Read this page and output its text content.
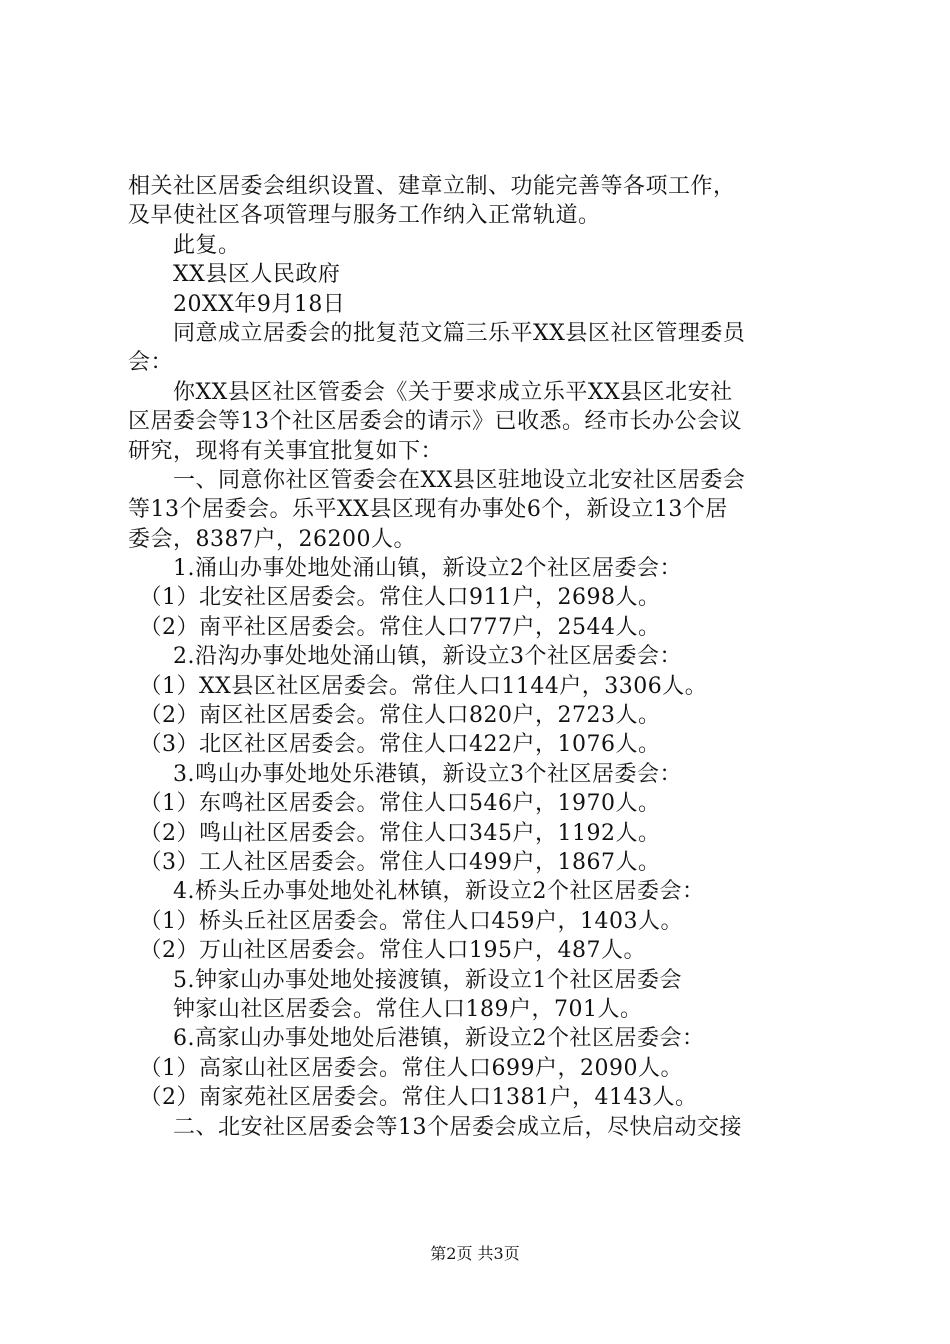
相关社区居委会组织设置、建章立制、功能完善等各项工作，
及早使社区各项管理与服务工作纳入正常轨道。
　　此复。
　　XX县区人民政府
　　20XX年9月18日
　　同意成立居委会的批复范文篇三乐平XX县区社区管理委员
会：
　　你XX县区社区管委会《关于要求成立乐平XX县区北安社
区居委会等13个社区居委会的请示》已收悉。经市长办公会议
研究，现将有关事宜批复如下：
　　一、同意你社区管委会在XX县区驻地设立北安社区居委会
等13个居委会。乐平XX县区现有办事处6个，新设立13个居
委会，8387户，26200人。
　　1.涌山办事处地处涌山镇，新设立2个社区居委会：
　（1）北安社区居委会。常住人口911户，2698人。
　（2）南平社区居委会。常住人口777户，2544人。
　　2.沿沟办事处地处涌山镇，新设立3个社区居委会：
　（1）XX县区社区居委会。常住人口1144户，3306人。
　（2）南区社区居委会。常住人口820户，2723人。
　（3）北区社区居委会。常住人口422户，1076人。
　　3.鸣山办事处地处乐港镇，新设立3个社区居委会：
　（1）东鸣社区居委会。常住人口546户，1970人。
　（2）鸣山社区居委会。常住人口345户，1192人。
　（3）工人社区居委会。常住人口499户，1867人。
　　4.桥头丘办事处地处礼林镇，新设立2个社区居委会：
　（1）桥头丘社区居委会。常住人口459户，1403人。
　（2）万山社区居委会。常住人口195户，487人。
　　5.钟家山办事处地处接渡镇，新设立1个社区居委会
　　钟家山社区居委会。常住人口189户，701人。
　　6.高家山办事处地处后港镇，新设立2个社区居委会：
　（1）高家山社区居委会。常住人口699户，2090人。
　（2）南家苑社区居委会。常住人口1381户，4143人。
　　二、北安社区居委会等13个居委会成立后，尽快启动交接
第2页 共3页
